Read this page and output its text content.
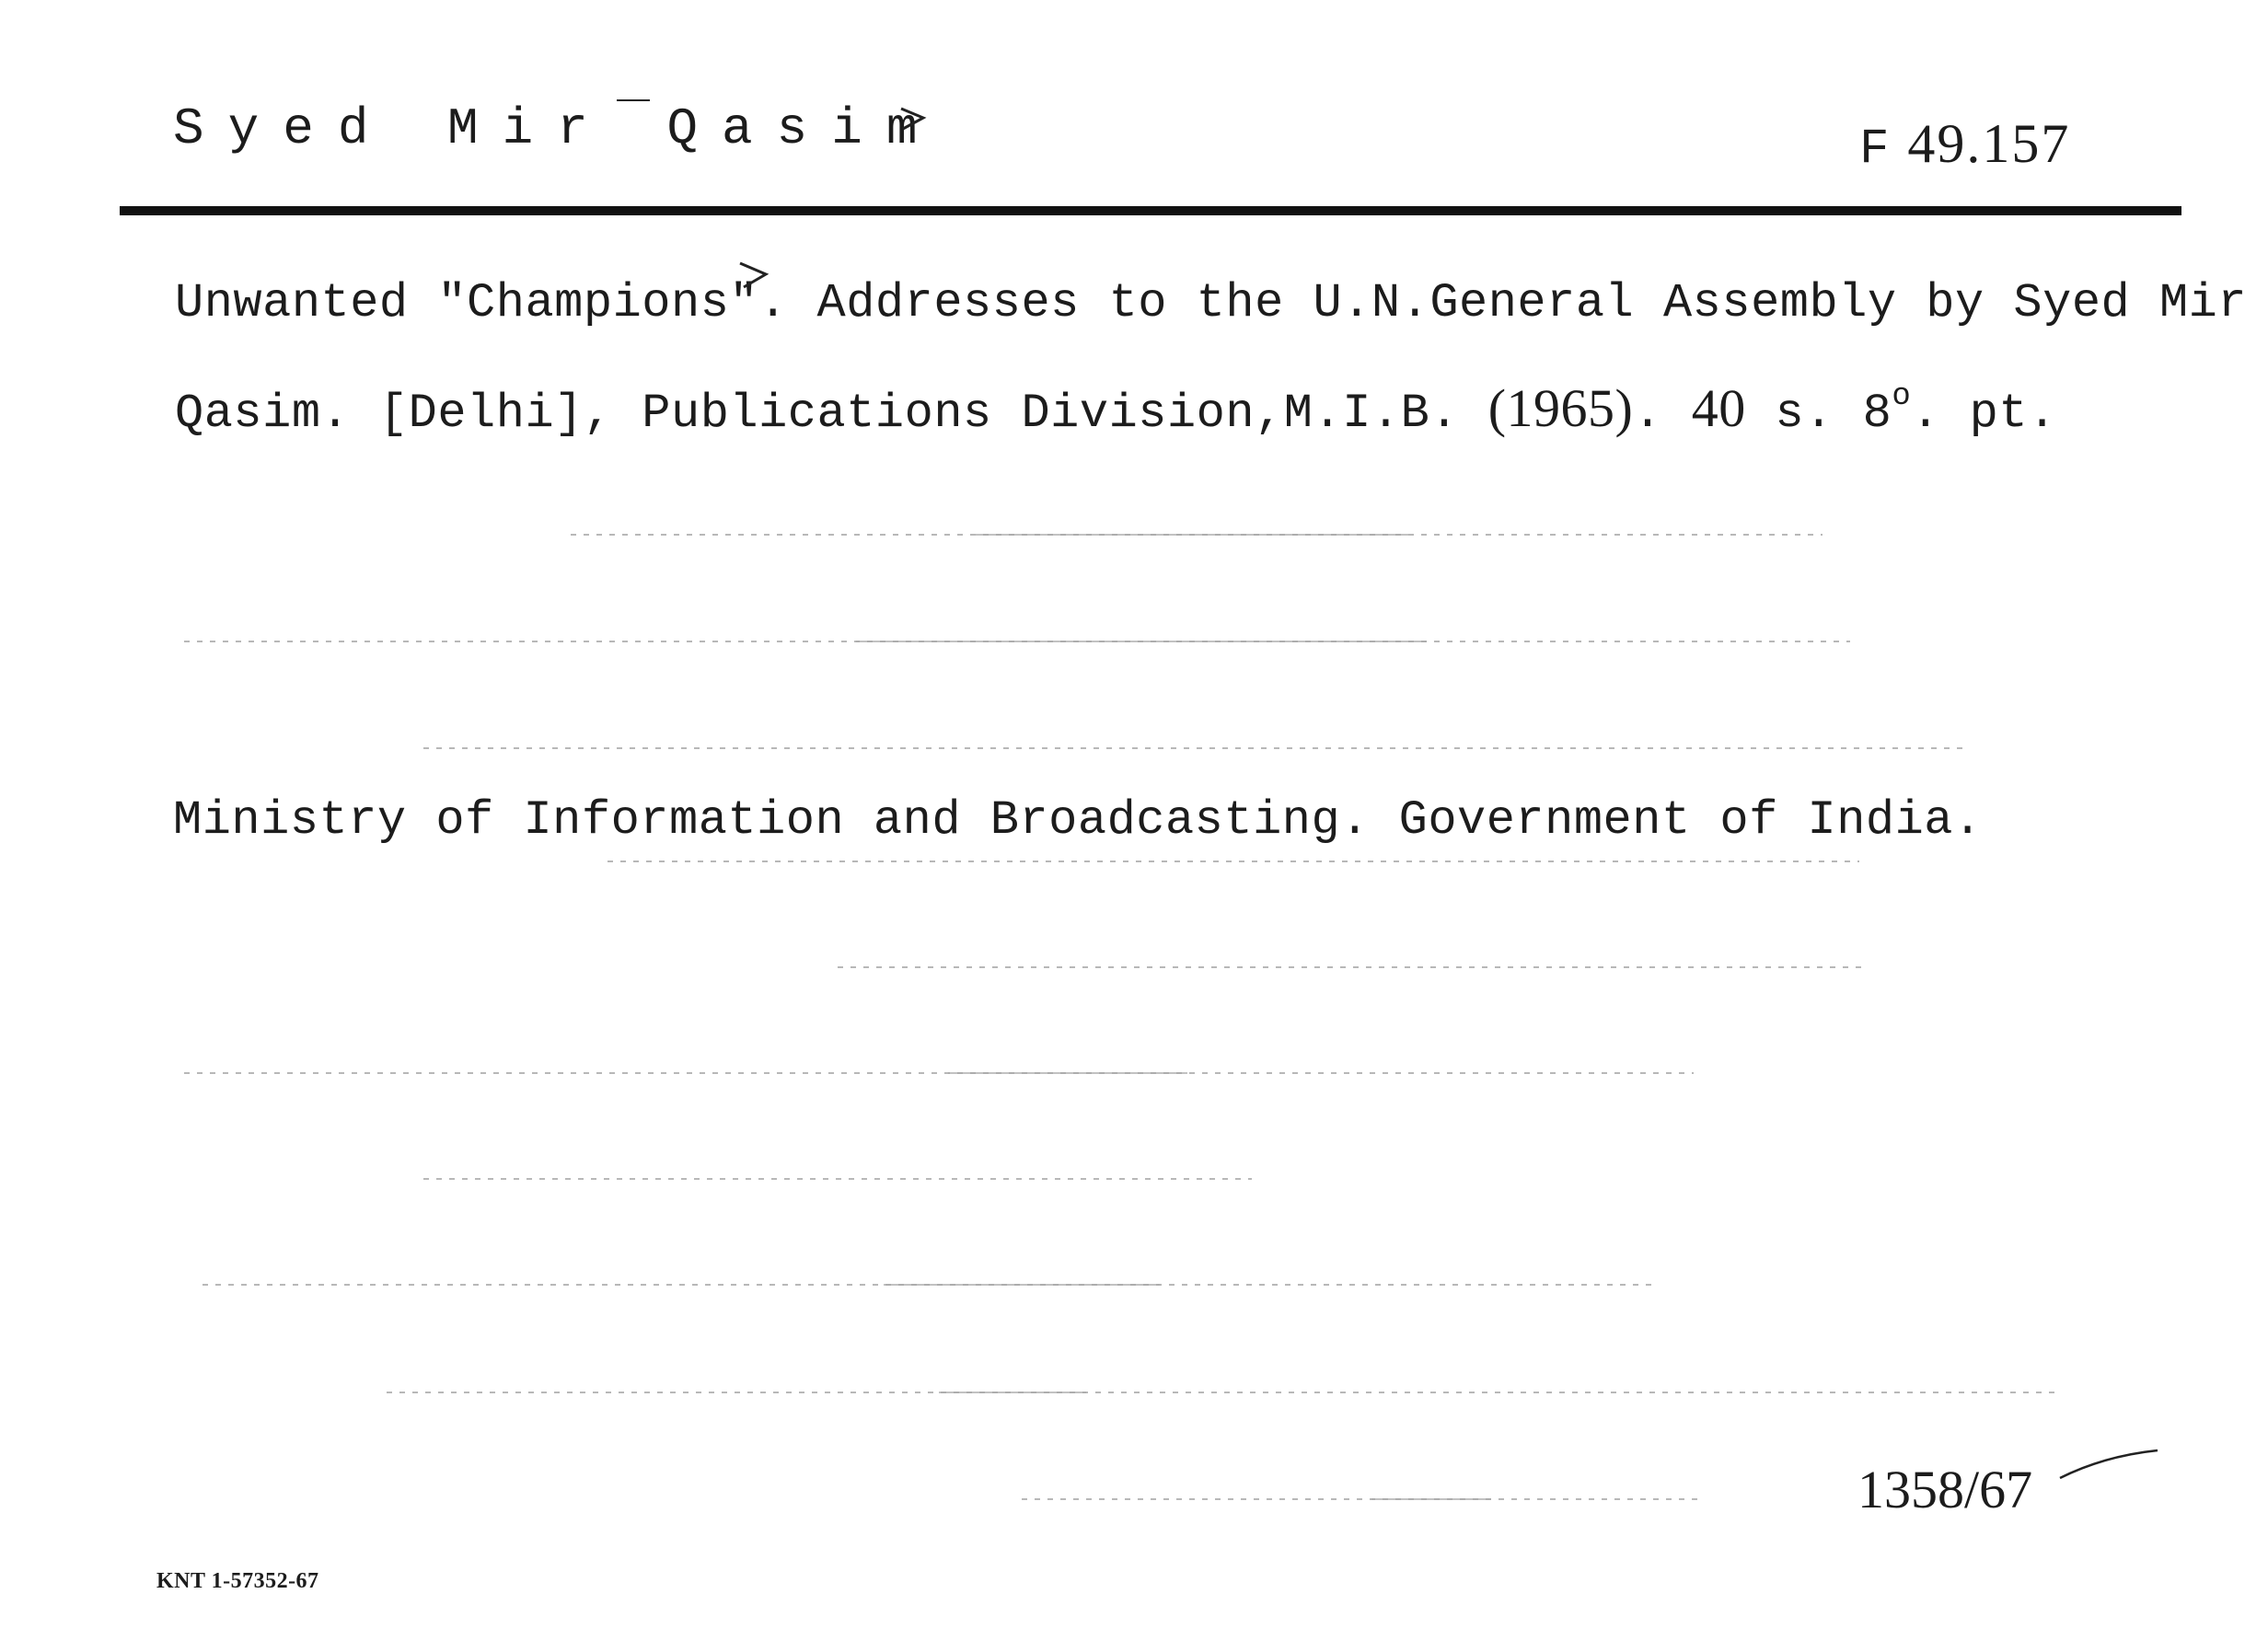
Syed Mir Qasim	F 49.157
Unwanted "Champions". Addresses to the U.N.General Assembly by Syed Mir
Qasim. [Delhi], Publications Division,M.I.B. (1965). 40 s. 8$^o$. pt.
Ministry of Information and Broadcasting. Government of India.
1358/67
KNT 1-57352-67
